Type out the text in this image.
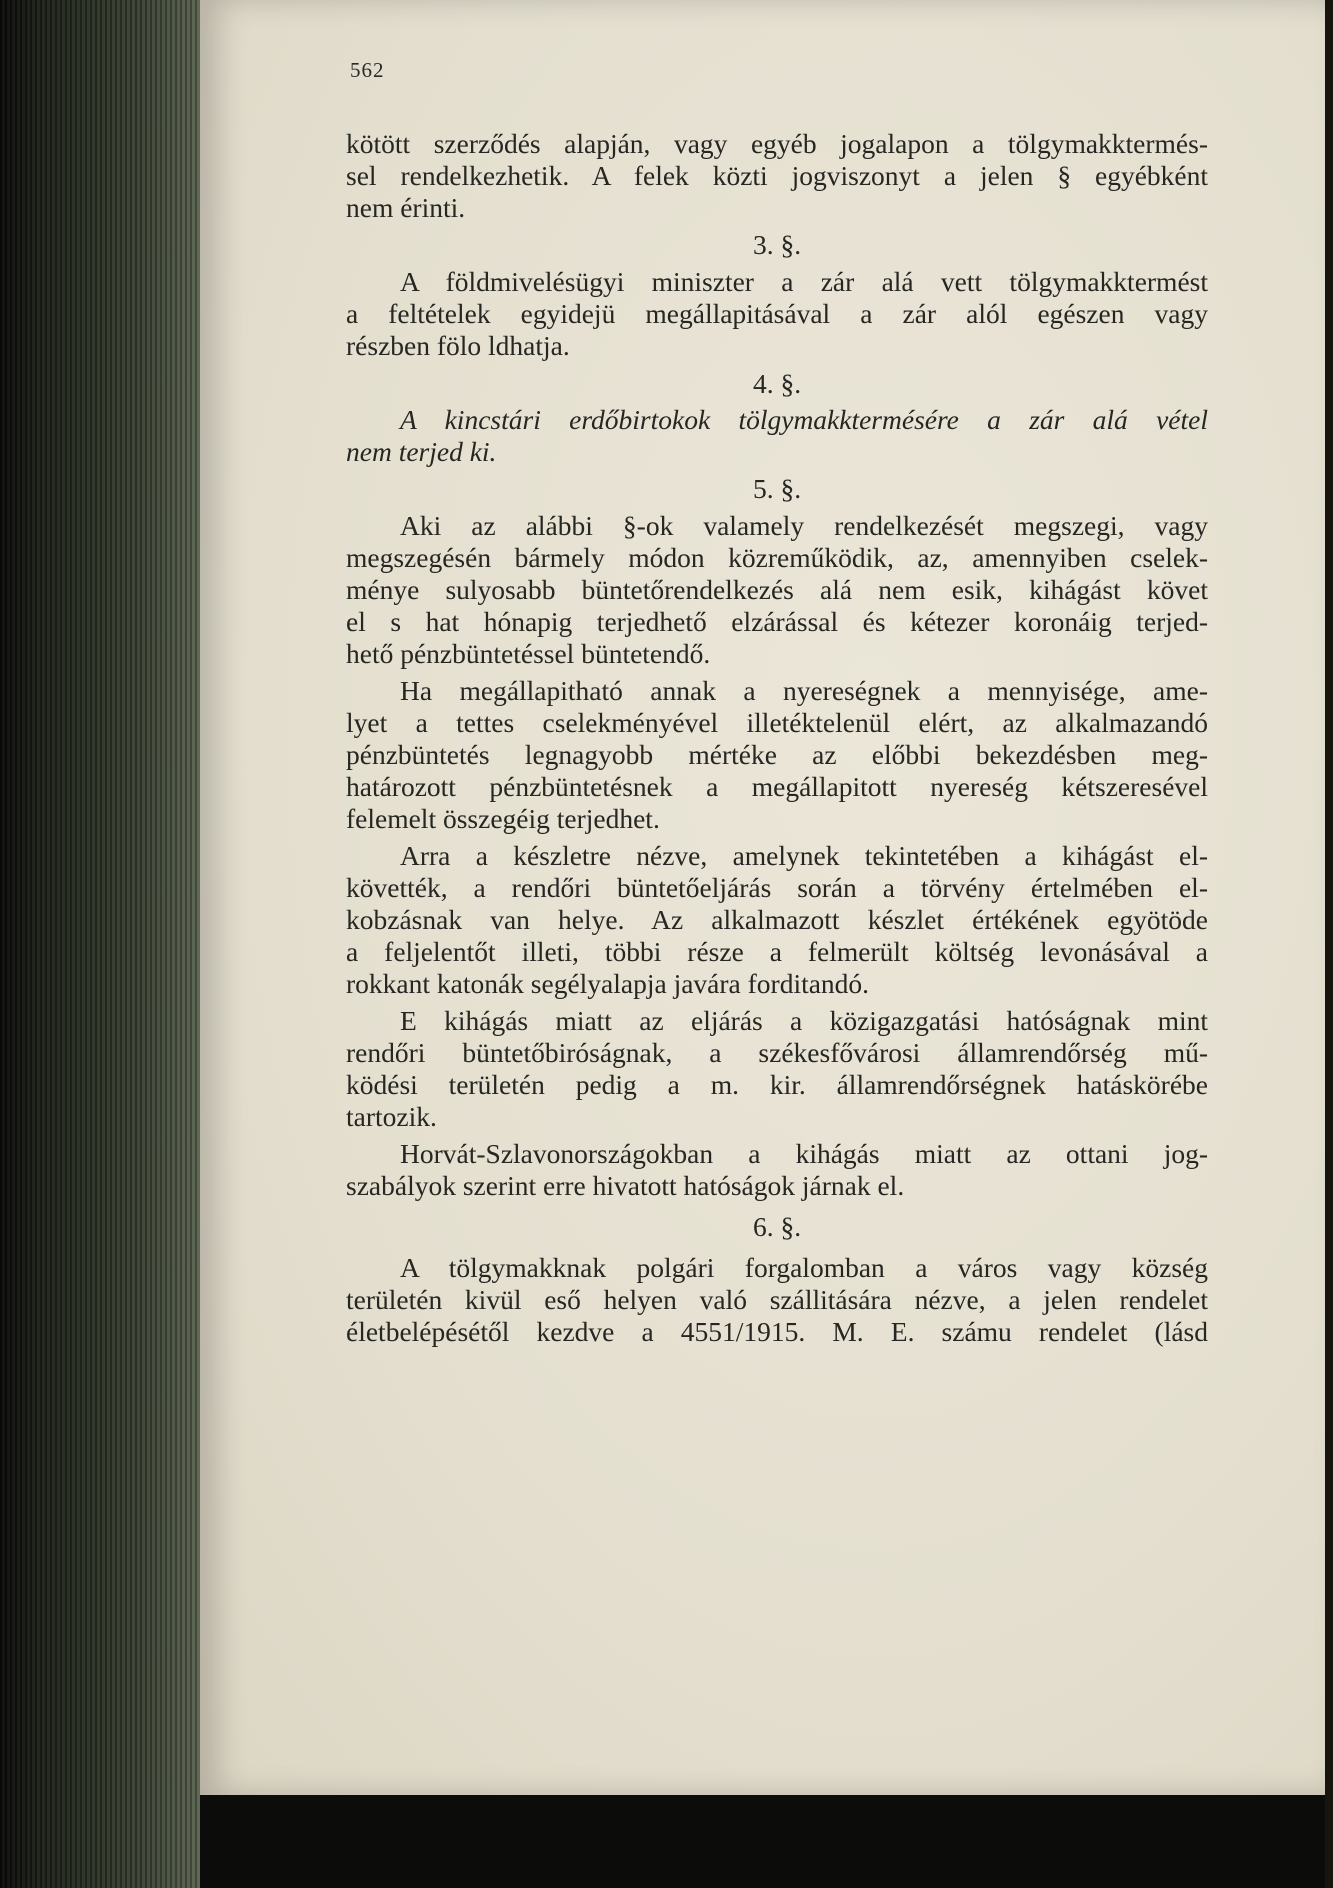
562
kötött szerződés alapján, vagy egyéb jogalapon a tölgymakktermés-
sel rendelkezhetik. A felek közti jogviszonyt a jelen § egyébként
nem érinti.
3. §.
A földmivelésügyi miniszter a zár alá vett tölgymakktermést
a feltételek egyidejü megállapitásával a zár alól egészen vagy
részben fölo ldhatja.
4. §.
A kincstári erdőbirtokok tölgymakktermésére a zár alá vétel
nem terjed ki.
5. §.
Aki az alábbi §-ok valamely rendelkezését megszegi, vagy
megszegésén bármely módon közreműködik, az, amennyiben cselek-
ménye sulyosabb büntetőrendelkezés alá nem esik, kihágást követ
el s hat hónapig terjedhető elzárással és kétezer koronáig terjed-
hető pénzbüntetéssel büntetendő.
Ha megállapitható annak a nyereségnek a mennyisége, ame-
lyet a tettes cselekményével illetéktelenül elért, az alkalmazandó
pénzbüntetés legnagyobb mértéke az előbbi bekezdésben meg-
határozott pénzbüntetésnek a megállapitott nyereség kétszeresével
felemelt összegéig terjedhet.
Arra a készletre nézve, amelynek tekintetében a kihágást el-
követték, a rendőri büntetőeljárás során a törvény értelmében el-
kobzásnak van helye. Az alkalmazott készlet értékének egyötöde
a feljelentőt illeti, többi része a felmerült költség levonásával a
rokkant katonák segélyalapja javára forditandó.
E kihágás miatt az eljárás a közigazgatási hatóságnak mint
rendőri büntetőbiróságnak, a székesfővárosi államrendőrség mű-
ködési területén pedig a m. kir. államrendőrségnek hatáskörébe
tartozik.
Horvát-Szlavonországokban a kihágás miatt az ottani jog-
szabályok szerint erre hivatott hatóságok járnak el.
6. §.
A tölgymakknak polgári forgalomban a város vagy község
területén kivül eső helyen való szállitására nézve, a jelen rendelet
életbelépésétől kezdve a 4551/1915. M. E. számu rendelet (lásd
